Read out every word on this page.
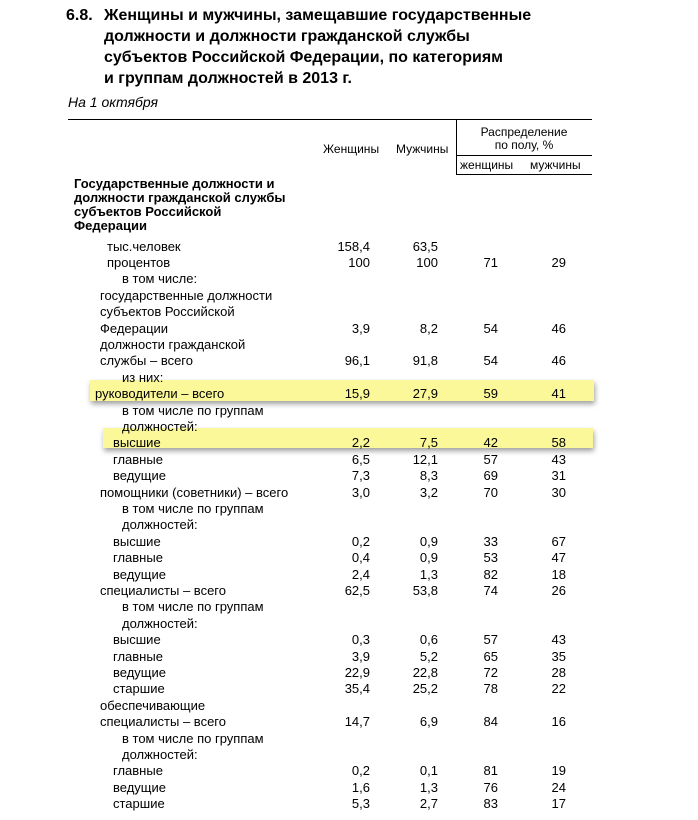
6.8. Женщины и мужчины, замещавшие государственные
должности и должности гражданской службы
субъектов Российской Федерации, по категориям
и группам должностей в 2013 г.
На 1 октября
Женщины Мужчины
Распределение
по полу, %
женщины мужчины
Государственные должности и
должности гражданской службы
субъектов Российской
Федерации
тыс.человек	158,4	63,5
процентов	100	100	71	29
в том числе:
государственные должности
субъектов Российской
Федерации	3,9	8,2	54	46
должности гражданской
службы – всего	96,1	91,8	54	46
из них:
руководители – всего	15,9	27,9	59	41
в том числе по группам
должностей:
высшие	2,2	7,5	42	58
главные	6,5	12,1	57	43
ведущие	7,3	8,3	69	31
помощники (советники) – всего	3,0	3,2	70	30
в том числе по группам
должностей:
высшие	0,2	0,9	33	67
главные	0,4	0,9	53	47
ведущие	2,4	1,3	82	18
специалисты – всего	62,5	53,8	74	26
в том числе по группам
должностей:
высшие	0,3	0,6	57	43
главные	3,9	5,2	65	35
ведущие	22,9	22,8	72	28
старшие	35,4	25,2	78	22
обеспечивающие
специалисты – всего	14,7	6,9	84	16
в том числе по группам
должностей:
главные	0,2	0,1	81	19
ведущие	1,6	1,3	76	24
старшие	5,3	2,7	83	17
